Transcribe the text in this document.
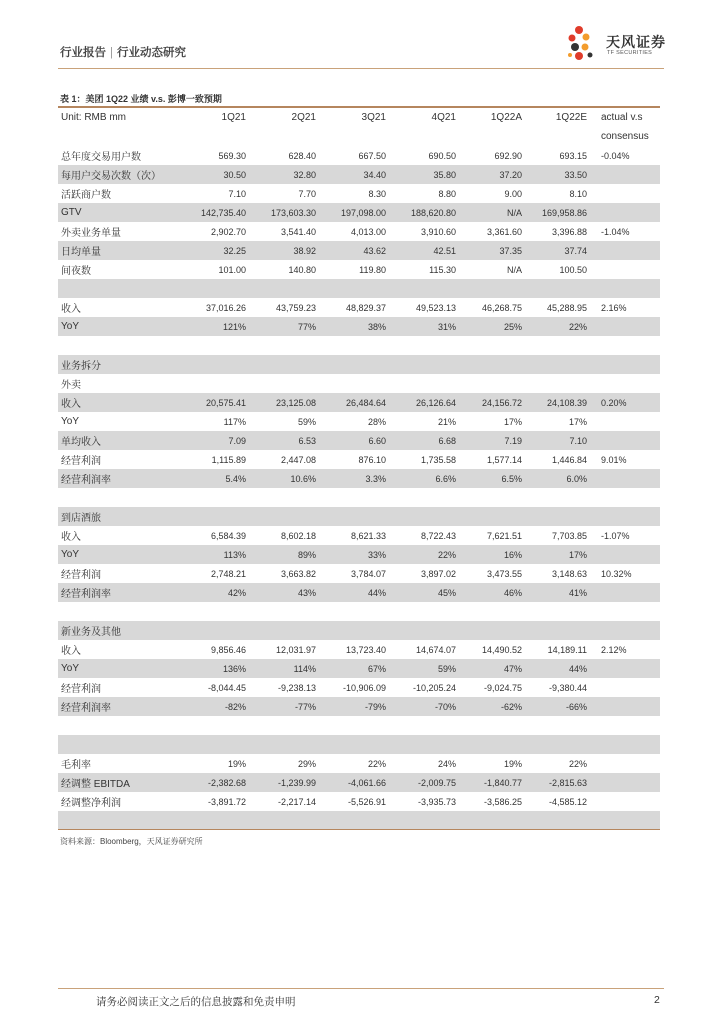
行业报告 | 行业动态研究
天风证券
TF SECURITIES
表 1：美团 1Q22 业绩 v.s. 彭博一致预期
Unit: RMB mm	1Q21	2Q21	3Q21	4Q21	1Q22A	1Q22E	actual v.s
							consensus
总年度交易用户数	569.30	628.40	667.50	690.50	692.90	693.15	-0.04%
每用户交易次数（次）	30.50	32.80	34.40	35.80	37.20	33.50	
活跃商户数	7.10	7.70	8.30	8.80	9.00	8.10	
GTV	142,735.40	173,603.30	197,098.00	188,620.80	N/A	169,958.86	
外卖业务单量	2,902.70	3,541.40	4,013.00	3,910.60	3,361.60	3,396.88	-1.04%
日均单量	32.25	38.92	43.62	42.51	37.35	37.74	
间夜数	101.00	140.80	119.80	115.30	N/A	100.50	

收入	37,016.26	43,759.23	48,829.37	49,523.13	46,268.75	45,288.95	2.16%
YoY	121%	77%	38%	31%	25%	22%	

业务拆分							
外卖							
收入	20,575.41	23,125.08	26,484.64	26,126.64	24,156.72	24,108.39	0.20%
YoY	117%	59%	28%	21%	17%	17%	
单均收入	7.09	6.53	6.60	6.68	7.19	7.10	
经营利润	1,115.89	2,447.08	876.10	1,735.58	1,577.14	1,446.84	9.01%
经营利润率	5.4%	10.6%	3.3%	6.6%	6.5%	6.0%	

到店酒旅							
收入	6,584.39	8,602.18	8,621.33	8,722.43	7,621.51	7,703.85	-1.07%
YoY	113%	89%	33%	22%	16%	17%	
经营利润	2,748.21	3,663.82	3,784.07	3,897.02	3,473.55	3,148.63	10.32%
经营利润率	42%	43%	44%	45%	46%	41%	

新业务及其他							
收入	9,856.46	12,031.97	13,723.40	14,674.07	14,490.52	14,189.11	2.12%
YoY	136%	114%	67%	59%	47%	44%	
经营利润	-8,044.45	-9,238.13	-10,906.09	-10,205.24	-9,024.75	-9,380.44	
经营利润率	-82%	-77%	-79%	-70%	-62%	-66%	

毛利率	19%	29%	22%	24%	19%	22%	
经调整 EBITDA	-2,382.68	-1,239.99	-4,061.66	-2,009.75	-1,840.77	-2,815.63	
经调整净利润	-3,891.72	-2,217.14	-5,526.91	-3,935.73	-3,586.25	-4,585.12	

资料来源：Bloomberg，天风证券研究所
请务必阅读正文之后的信息披露和免责申明	2
